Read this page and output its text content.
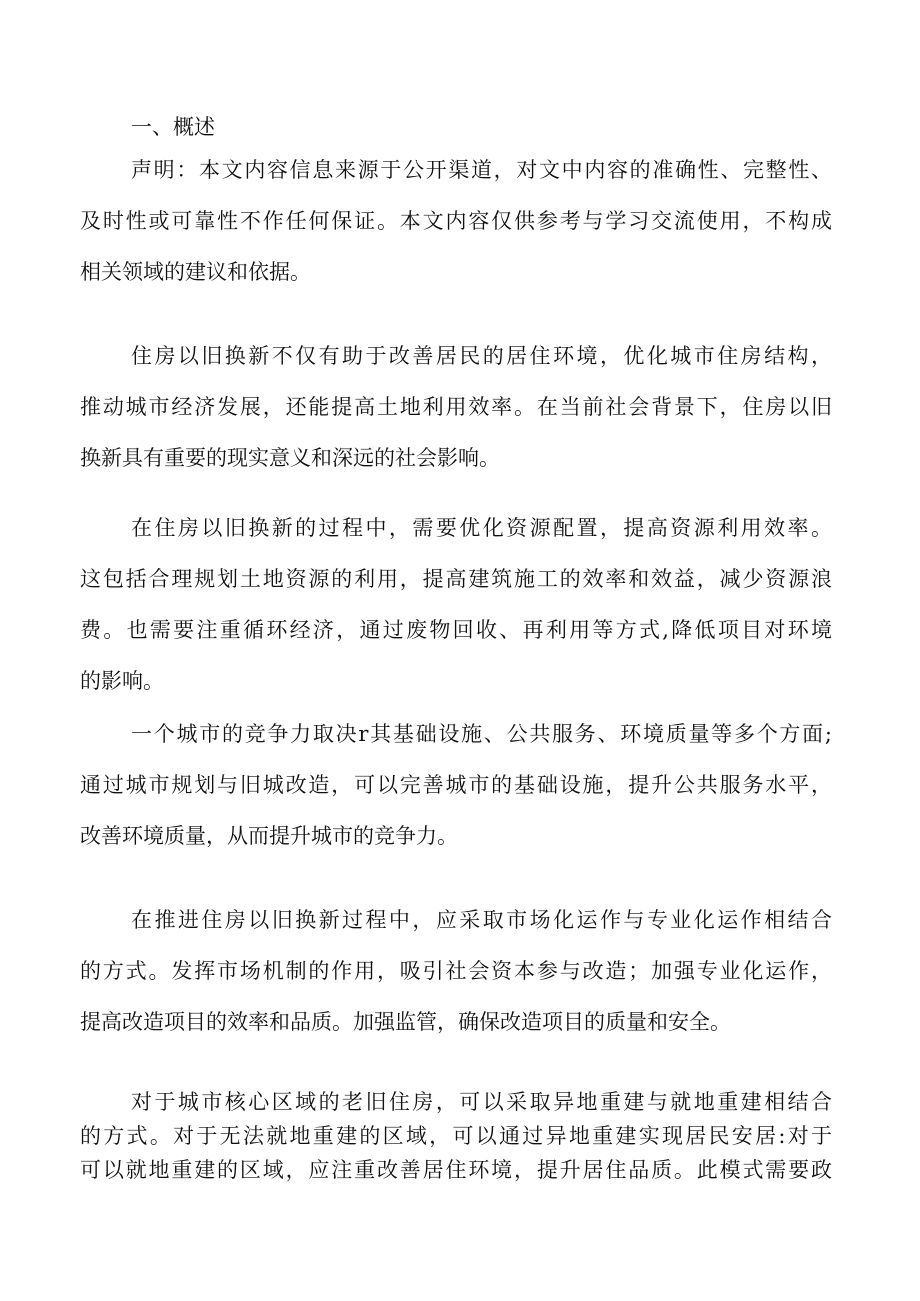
一、概述
声明：本文内容信息来源于公开渠道，对文中内容的准确性、完整性、
及时性或可靠性不作任何保证。本文内容仅供参考与学习交流使用，不构成
相关领域的建议和依据。
住房以旧换新不仅有助于改善居民的居住环境，优化城市住房结构，
推动城市经济发展，还能提高土地利用效率。在当前社会背景下，住房以旧
换新具有重要的现实意义和深远的社会影响。
在住房以旧换新的过程中，需要优化资源配置，提高资源利用效率。
这包括合理规划土地资源的利用，提高建筑施工的效率和效益，减少资源浪
费。也需要注重循环经济，通过废物回收、再利用等方式,降低项目对环境
的影响。
一个城市的竞争力取决r其基础设施、公共服务、环境质量等多个方面;
通过城市规划与旧城改造，可以完善城市的基础设施，提升公共服务水平，
改善环境质量，从而提升城市的竞争力。
在推进住房以旧换新过程中，应采取市场化运作与专业化运作相结合
的方式。发挥市场机制的作用，吸引社会资本参与改造；加强专业化运作，
提高改造项目的效率和品质。加强监管，确保改造项目的质量和安全。
对于城市核心区域的老旧住房，可以采取异地重建与就地重建相结合
的方式。对于无法就地重建的区域，可以通过异地重建实现居民安居:对于
可以就地重建的区域，应注重改善居住环境，提升居住品质。此模式需要政
